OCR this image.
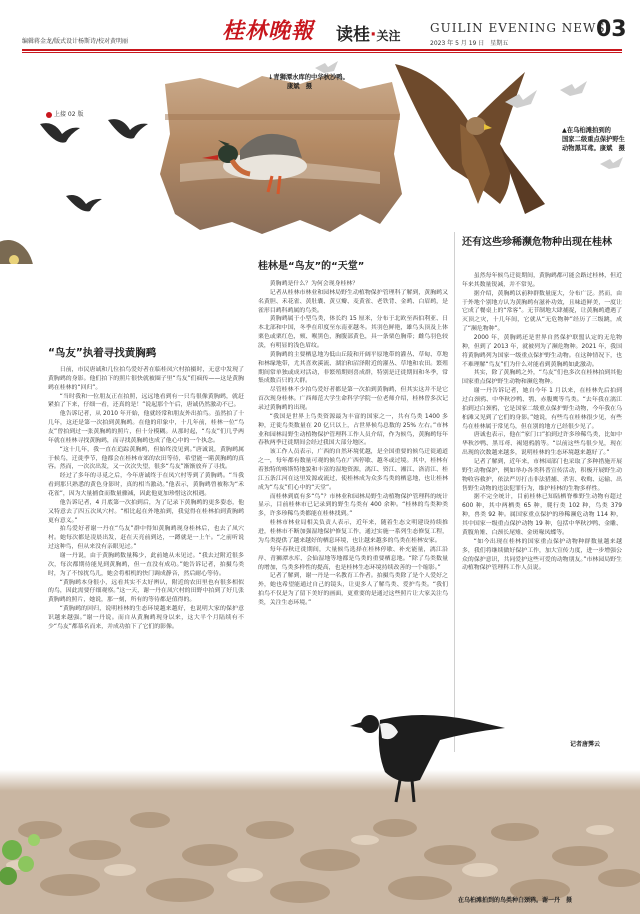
编辑蒋金龙/版式设计杨斯诗/校对黄明丽	桂林晚報 读桂·关注
GUILIN EVENING NEWS
2023 年 5 月 19 日　星期五
03
上接 02 版
↓青狮潭水库的中华秋沙鸭。
　　　康斌　摄
▲在乌桕滩拍到的
国家二级重点保护野生
动物黑耳鸢。康斌　摄
“鸟友”执着寻找黄胸鹀

日前，市民唐诚和几位拍鸟爱好者在临桂凤穴村拍摄时，无意中发现了黄胸鹀的身影。他们拍下的照片很快就被圈子里“鸟友”们疯传——这是黄胸鹀在桂林的“回归”。

“当时我和一位朋友正在拍照，远远地看到有一只鸟很像黄胸鹀，就赶紧拍了下来，仔细一看，还真的是！”说起那个午后，唐诚仍然激动不已。

他告诉记者，从 2010 年开始，他就经常和朋友外出拍鸟。虽然拍了十几年，这还是第一次拍到黄胸鹀。在他的印象中，十几年前，桂林一位“鸟友”曾拍到过一张黄胸鹀的照片，但十分模糊。从那时起，“鸟友”们几乎两年就在桂林寻找黄胸鹀，而寻找黄胸鹀也成了他心中的一个执念。

“这十几年，我一直在追踪黄胸鹀，但始终没见到。”唐诚说，黄胸鹀属于候鸟，迁徙季节，他都会在桂林市郊的农田等待，希望能一睹黄胸鹀的真容。然而，一次次出发，又一次次失望，很多“鸟友”渐渐放弃了寻找。

经过了多年的寻觅之后，今年唐诚终于在凤穴村等到了黄胸鹀。“当我看到那只熟悉的黄色身影时，真的相当激动。”他表示，黄胸鹀曾被称为“禾花雀”，因为大量捕食而数量骤减，因此他更加珍惜这次相遇。

他告诉记者，4 月底第一次拍到后，为了记录下黄胸鹀的更多姿态，他又特意去了四五次凤穴村。“相比起在外地拍到，我觉得在桂林拍到黄胸鹀更有意义。”

拍鸟爱好者谢一丹在“鸟友”群中得知黄胸鹀现身桂林后，也去了凤穴村。她每次都是凌晨出发，赶在天亮前到达，一蹲就是一上午。“之前听说过这种鸟，但从来没有亲眼见过。”

谢一丹说，由于黄胸鹀数量稀少，此前她从未见过。“我去过附近很多次，每次都期待能见到黄胸鹀，但一直没有成功。”她告诉记者，拍摄鸟类时，为了不惊扰鸟儿，她会将相机的快门调成静音，然后耐心等待。

“黄胸鹀本身很小，远看其实不太好辨认，附近的农田里也有很多相似的鸟，因此需要仔细观察。”这一天，谢一丹在凤穴村的田野中拍到了好几张黄胸鹀的照片，她说，那一刻，所有的等待都是值得的。

“黄胸鹀的回归，说明桂林的生态环境越来越好，也说明大家的保护意识越来越强。”谢一丹说。而自从黄胸鹀现身以来，这大半个月陆续有不少“鸟友”都慕名而来，并成功拍下了它们的影像。

桂林是“鸟友”的“天堂”

黄胸鹀是什么？为何会现身桂林？

记者从桂林市林业和园林局野生动植物保护管理科了解到，黄胸鹀又名黄胆、禾花雀、黄肚囊、黄豆瓣、麦黄雀、老铁背、金鹀、白眉鹀，是雀形目鹀科鹀属的鸟类。

黄胸鹀属于小型鸟类，体长约 15 厘米，分布于北欧至西伯利亚、日本北部和中国，冬季在印度至东南亚越冬。其羽色鲜艳，雄鸟头顶及上体栗色或栗红色，颏、喉黑色，胸腹部黄色，具一条栗色胸带；雌鸟羽色较淡，有明显的浅色眉纹。

黄胸鹀的主要栖息地为低山丘陵和开阔平原地带的灌丛、草甸、草地和林缘地带，尤其喜欢溪流、湖泊和沼泽附近的灌丛、草地和农田。繁殖期间常单独或成对活动，非繁殖期则喜成群，特别是迁徙期间和冬季，常集成数百只的大群。

尽管桂林不少拍鸟爱好者都是第一次拍到黄胸鹀，但其实这并不是它首次现身桂林。广西师范大学生命科学学院一位老师介绍，桂林曾多次记录过黄胸鹀的出现。

“我国是世界上鸟类资源最为丰富的国家之一，共有鸟类 1400 多种，迁徙鸟类数量在 20 亿只以上，占世界候鸟总数的 25% 左右。”市林业和园林局野生动植物保护管理科工作人员介绍，作为候鸟，黄胸鹀每年春秋两季迁徙期间会经过我国大部分地区。

该工作人员表示，广西的自然环境优越，是全国重要的候鸟迁徙通道之一，每年都有数量可观的候鸟在广西停歇、越冬或过境。其中，桂林有着独特的喀斯特地貌和丰富的湿地资源，漓江、资江、湘江、洛清江、桂江五条江河在这里发源或流过，使桂林成为众多鸟类的栖息地，也让桂林成为“鸟友”们心中的“天堂”。

而桂林到底有多“鸟”？市林业和园林局野生动植物保护管理科的统计显示，目前桂林市已记录到的野生鸟类有 400 余种。“桂林的鸟类种类多，许多珍稀鸟类都能在桂林找到。”

桂林市林业局相关负责人表示，近年来，随着生态文明建设持续推进，桂林市不断加强湿地保护修复工作，通过实施一系列生态修复工程，为鸟类提供了越来越好的栖息环境，也让越来越多的鸟类在桂林安家。

每年春秋迁徙期间，大量候鸟选择在桂林停歇、补充能量，漓江沿岸、青狮潭水库、会仙湿地等地都是鸟类的重要栖息地。“除了鸟类数量的增加，鸟类多样性的提高，也是桂林生态环境持续改善的一个缩影。”

记者了解到，谢一丹是一名教育工作者。拍摄鸟类除了是个人爱好之外，她也希望能通过自己的镜头，让更多人了解鸟类、爱护鸟类。“我们拍鸟不仅是为了留下美好的画面，更重要的是通过这些照片让大家关注鸟类，关注生态环境。”

还有这些珍稀濒危物种出现在桂林

虽然每年候鸟迁徙期间，黄胸鹀都可能会路过桂林，但近年来其数量锐减，并不常见。

据介绍，黄胸鹀以前种群数量庞大，分布广泛。然而，由于外地个别地方认为黄胸鹀有滋补功效，且味道鲜美，一度让它成了餐桌上的“常客”。无节制地大肆捕捉，让黄胸鹀遭遇了灭顶之灾，十几年间，它就从“无危物种”经历了三级跳，成了“濒危物种”。

2000 年，黄胸鹀还是世界自然保护联盟认定的无危物种，但到了 2013 年，就被列为了濒危物种。2021 年，我国将黄胸鹀列为国家一级重点保护野生动物。在这种情况下，也不难理解“鸟友”们为什么对能看到黄胸鹀如此激动。

其实，除了黄胸鹀之外，“鸟友”们也多次在桂林拍到其他国家重点保护野生动物和濒危物种。

谢一丹告诉记者，她自今年 1 月以来，在桂林先后拍到过白颈鸦、中华秋沙鸭、鹗、赤腹鹰等鸟类。“去年我在漓江拍到过白颈鸦，它是国家二级重点保护野生动物，今年我在乌桕滩又见到了它们的身影。”她说，有些鸟在桂林很少见，有些鸟在桂林属于常见鸟，但在别的地方已经很少见了。

唐诚也表示，他在“家门口”拍到过许多珍稀鸟类，比如中华秋沙鸭、黑耳鸢、褐翅鸦鹃等。“以前这些鸟很少见，现在出现的次数越来越多，说明桂林的生态环境越来越好了。”

记者了解到，近年来，市林园部门也采取了多种措施开展野生动物保护，例如举办各类科普宣传活动，积极开展野生动物收容救护，依法严厉打击非法猎捕、杀害、收购、运输、出售野生动物的违法犯罪行为，维护桂林的生物多样性。

据不完全统计，目前桂林已知陆栖脊椎野生动物有超过 600 种，其中两栖类 65 种，爬行类 102 种，鸟类 379 种，兽类 92 种。属国家重点保护的珍稀濒危动物 114 种，其中国家一级重点保护动物 19 种，包括中华秋沙鸭、金雕、黄腹角雉、白颈长尾雉、金斑喙凤蝶等。

“如今出现在桂林的国家重点保护动物种群数量越来越多，我们将继续做好保护工作，加大宣传力度，进一步增强公众的保护意识，共同爱护这些可爱的动物朋友。”市林园局野生动植物保护管理科工作人员说。

记者唐霁云
在乌桕滩拍到的鸟类种白颈鸦。谢一丹　摄
